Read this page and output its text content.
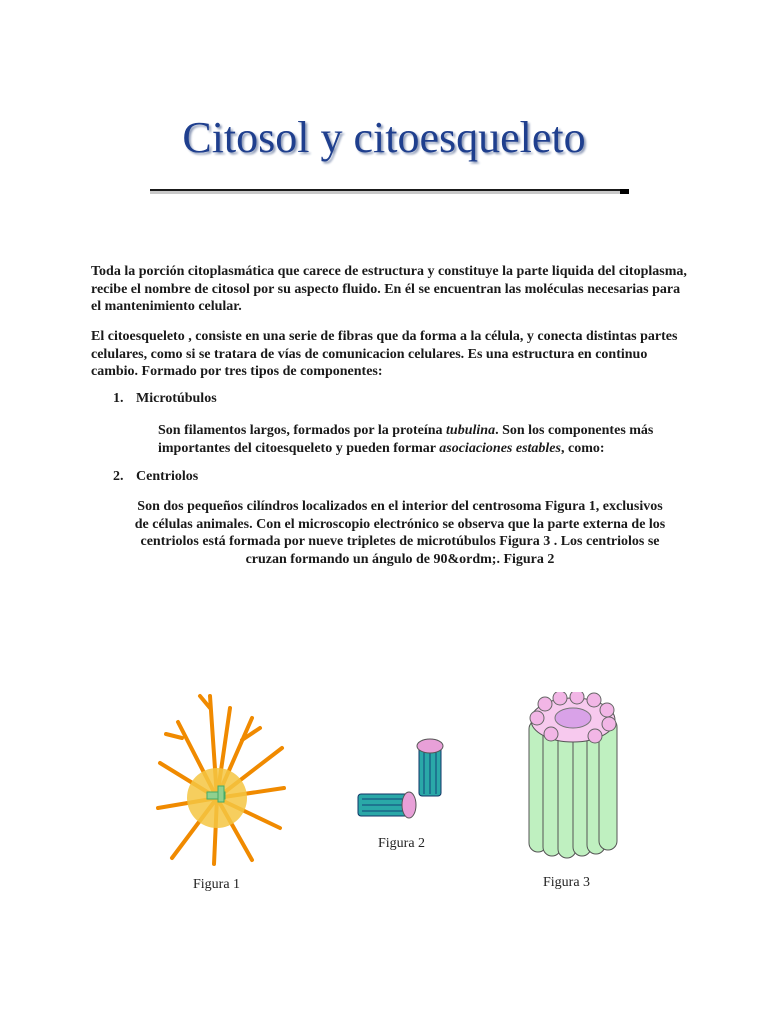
Citosol y citoesqueleto
Toda la porción citoplasmática que carece de estructura y constituye la parte liquida del citoplasma, recibe el nombre de citosol por su aspecto fluido. En él se encuentran las moléculas necesarias para el mantenimiento celular.
El citoesqueleto , consiste en una serie de fibras que da forma a la célula, y conecta distintas partes celulares, como si se tratara de vías de comunicacion celulares. Es una estructura en continuo cambio. Formado por tres tipos de componentes:
1. Microtúbulos
Son filamentos largos, formados por la proteína tubulina. Son los componentes más importantes del citoesqueleto y pueden formar asociaciones estables, como:
2. Centriolos
Son dos pequeños cilíndros localizados en el interior del centrosoma Figura 1, exclusivos de células animales. Con el microscopio electrónico se observa que la parte externa de los centriolos está formada por nueve tripletes de microtúbulos Figura 3 . Los centriolos se cruzan formando un ángulo de 90&ordm;. Figura 2
Figura 1
Figura 2
Figura 3
